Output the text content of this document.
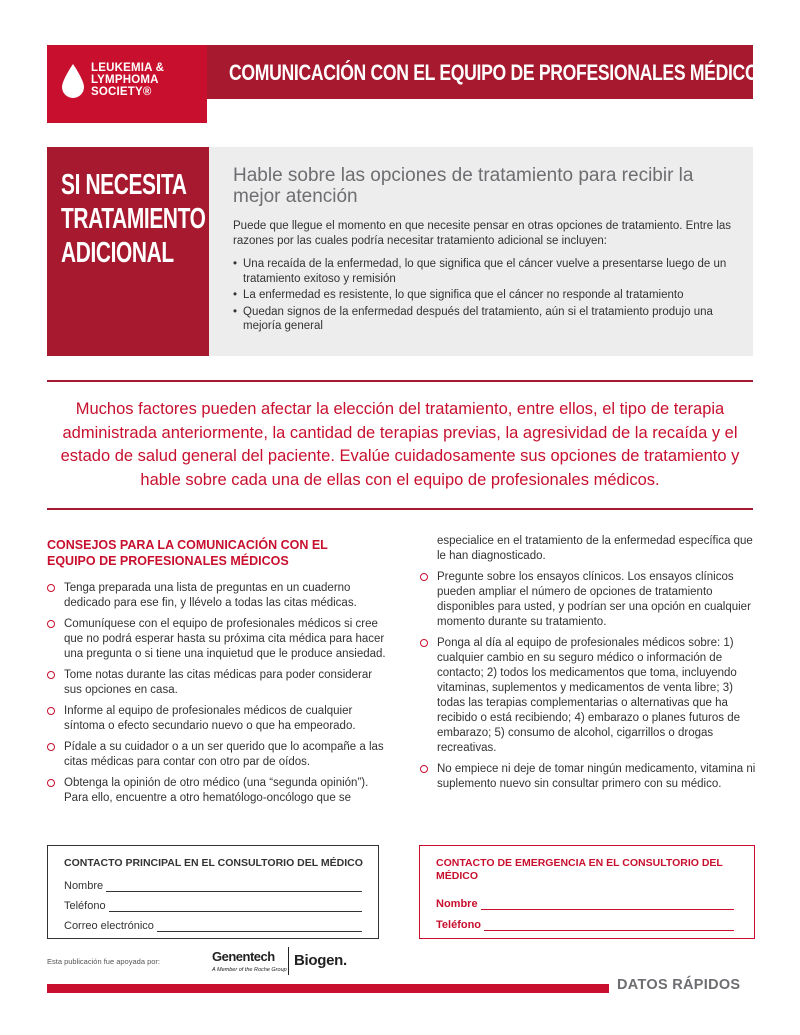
LEUKEMIA &
LYMPHOMA
SOCIETY®
COMUNICACIÓN CON EL EQUIPO DE PROFESIONALES MÉDICOS
SI NECESITA
TRATAMIENTO
ADICIONAL
Hable sobre las opciones de tratamiento para recibir la mejor atención
Puede que llegue el momento en que necesite pensar en otras opciones de tratamiento. Entre las razones por las cuales podría necesitar tratamiento adicional se incluyen:
• Una recaída de la enfermedad, lo que significa que el cáncer vuelve a presentarse luego de un tratamiento exitoso y remisión
• La enfermedad es resistente, lo que significa que el cáncer no responde al tratamiento
• Quedan signos de la enfermedad después del tratamiento, aún si el tratamiento produjo una mejoría general
Muchos factores pueden afectar la elección del tratamiento, entre ellos, el tipo de terapia administrada anteriormente, la cantidad de terapias previas, la agresividad de la recaída y el estado de salud general del paciente. Evalúe cuidadosamente sus opciones de tratamiento y hable sobre cada una de ellas con el equipo de profesionales médicos.
CONSEJOS PARA LA COMUNICACIÓN CON EL EQUIPO DE PROFESIONALES MÉDICOS
Tenga preparada una lista de preguntas en un cuaderno dedicado para ese fin, y llévelo a todas las citas médicas.
Comuníquese con el equipo de profesionales médicos si cree que no podrá esperar hasta su próxima cita médica para hacer una pregunta o si tiene una inquietud que le produce ansiedad.
Tome notas durante las citas médicas para poder considerar sus opciones en casa.
Informe al equipo de profesionales médicos de cualquier síntoma o efecto secundario nuevo o que ha empeorado.
Pídale a su cuidador o a un ser querido que lo acompañe a las citas médicas para contar con otro par de oídos.
Obtenga la opinión de otro médico (una “segunda opinión”). Para ello, encuentre a otro hematólogo-oncólogo que se
especialice en el tratamiento de la enfermedad específica que le han diagnosticado.
Pregunte sobre los ensayos clínicos. Los ensayos clínicos pueden ampliar el número de opciones de tratamiento disponibles para usted, y podrían ser una opción en cualquier momento durante su tratamiento.
Ponga al día al equipo de profesionales médicos sobre: 1) cualquier cambio en su seguro médico o información de contacto; 2) todos los medicamentos que toma, incluyendo vitaminas, suplementos y medicamentos de venta libre; 3) todas las terapias complementarias o alternativas que ha recibido o está recibiendo; 4) embarazo o planes futuros de embarazo; 5) consumo de alcohol, cigarrillos o drogas recreativas.
No empiece ni deje de tomar ningún medicamento, vitamina ni suplemento nuevo sin consultar primero con su médico.
CONTACTO PRINCIPAL EN EL CONSULTORIO DEL MÉDICO
Nombre
Teléfono
Correo electrónico
CONTACTO DE EMERGENCIA EN EL CONSULTORIO DEL MÉDICO
Nombre
Teléfono
Esta publicación fue apoyada por:	Genentech
A Member of the Roche Group
Biogen.
DATOS RÁPIDOS
